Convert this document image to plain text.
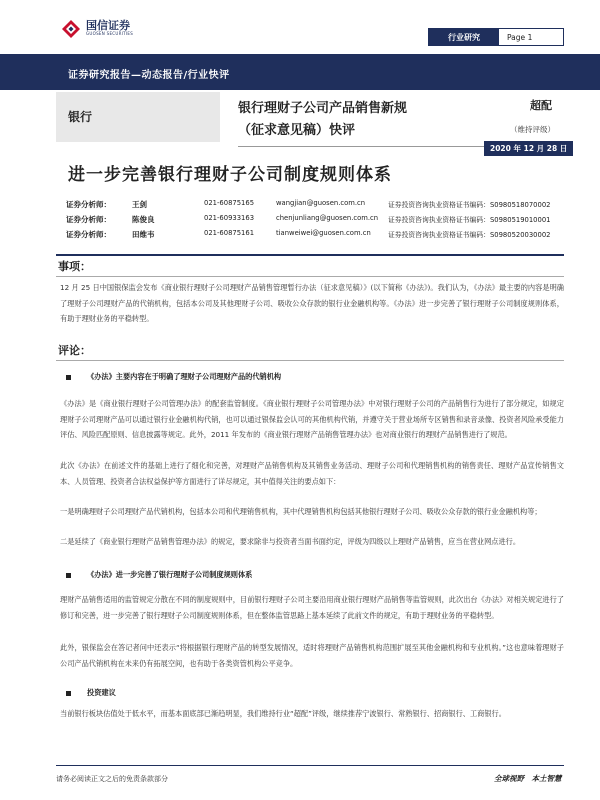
国信证券
GUOSEN SECURITIES	行业研究	Page
1
证券研究报告—动态报告/行业快评
银行
银行理财子公司产品销售新规
（征求意见稿）快评
超配
（维持评级）
2020 年 12 月 28 日
进一步完善银行理财子公司制度规则体系
证券分析师：	王剑	021-60875165	wangjian@guosen.com.cn	证券投资咨询执业资格证书编码：S0980518070002
证券分析师：	陈俊良	021-60933163	chenjunliang@guosen.com.cn 证券投资咨询执业资格证书编码：S0980519010001
证券分析师：	田维韦	021-60875161	tianweiwei@guosen.com.cn	证券投资咨询执业资格证书编码：S0980520030002
事项：
12 月 25 日中国银保监会发布《商业银行理财子公司理财产品销售管理暂行办法（征求意见稿）》(以下简称《办法》)。我们认为，《办法》最主要的内容是明确了理财子公司理财产品的代销机构，包括本公司及其他理财子公司、吸收公众存款的银行业金融机构等。《办法》进一步完善了银行理财子公司制度规则体系，有助于理财业务的平稳转型。
评论：
《办法》主要内容在于明确了理财子公司理财产品的代销机构
《办法》是《商业银行理财子公司管理办法》的配套监管制度。《商业银行理财子公司管理办法》中对银行理财子公司的产品销售行为进行了部分规定，如规定理财子公司理财产品可以通过银行业金融机构代销，也可以通过银保监会认可的其他机构代销，并遵守关于营业场所专区销售和录音录像、投资者风险承受能力评估、风险匹配原则、信息披露等规定。此外，2011 年发布的《商业银行理财产品销售管理办法》也对商业银行的理财产品销售进行了规范。
此次《办法》在前述文件的基础上进行了细化和完善，对理财产品销售机构及其销售业务活动、理财子公司和代理销售机构的销售责任、理财产品宣传销售文本、人员管理、投资者合法权益保护等方面进行了详尽规定，其中值得关注的要点如下：
一是明确理财子公司理财产品代销机构，包括本公司和代理销售机构，其中代理销售机构包括其他银行理财子公司、吸收公众存款的银行业金融机构等；
二是延续了《商业银行理财产品销售管理办法》的规定，要求除非与投资者当面书面约定，评级为四级以上理财产品销售，应当在营业网点进行。
《办法》进一步完善了银行理财子公司制度规则体系
理财产品销售适用的监管规定分散在不同的制度规则中，目前银行理财子公司主要沿用商业银行理财产品销售等监管规则，此次出台《办法》对相关规定进行了修订和完善，进一步完善了银行理财子公司制度规则体系，但在整体监管思路上基本延续了此前文件的规定，有助于理财业务的平稳转型。
此外，银保监会在答记者问中还表示“将根据银行理财产品的转型发展情况，适时将理财产品销售机构范围扩展至其他金融机构和专业机构。”这也意味着理财子公司产品代销机构在未来仍有拓展空间，也有助于各类资管机构公平竞争。
投资建议
当前银行板块估值处于低水平，而基本面底部已渐趋明显，我们维持行业“超配”评级，继续推荐宁波银行、常熟银行、招商银行、工商银行。
请务必阅读正文之后的免责条款部分	全球视野　本土智慧
